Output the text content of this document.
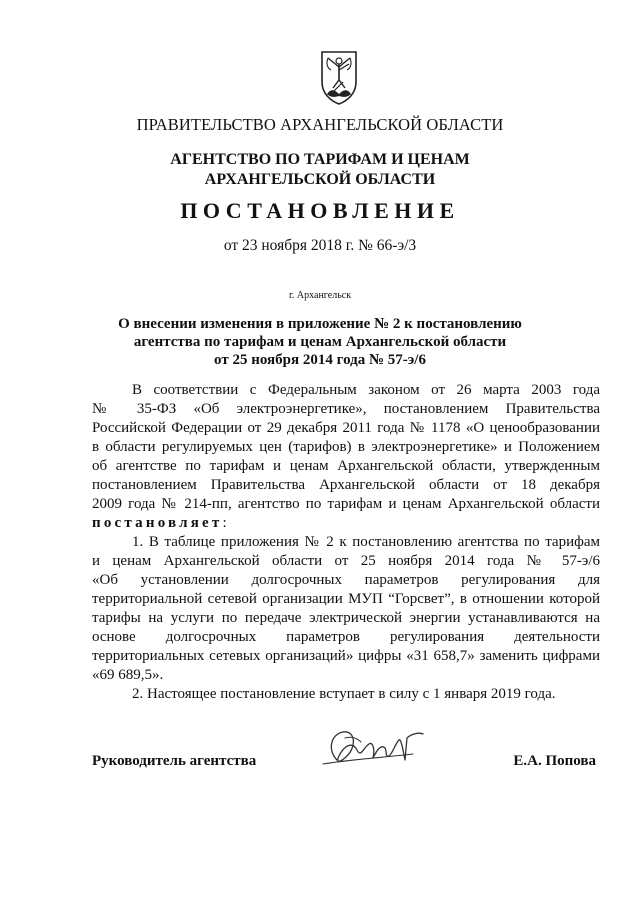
ПРАВИТЕЛЬСТВО АРХАНГЕЛЬСКОЙ ОБЛАСТИ
АГЕНТСТВО ПО ТАРИФАМ И ЦЕНАМ
АРХАНГЕЛЬСКОЙ ОБЛАСТИ
ПОСТАНОВЛЕНИЕ
от 23 ноября 2018 г. № 66-э/3
г. Архангельск
О внесении изменения в приложение № 2 к постановлению
агентства по тарифам и ценам Архангельской области
от 25 ноября 2014 года № 57-э/6
В соответствии с Федеральным законом от 26 марта 2003 года
№ 35-ФЗ «Об электроэнергетике», постановлением Правительства
Российской Федерации от 29 декабря 2011 года № 1178 «О ценообразовании
в области регулируемых цен (тарифов) в электроэнергетике» и Положением
об агентстве по тарифам и ценам Архангельской области, утвержденным
постановлением Правительства Архангельской области от 18 декабря
2009 года № 214-пп, агентство по тарифам и ценам Архангельской области
постановляет:
1. В таблице приложения № 2 к постановлению агентства по тарифам
и ценам Архангельской области от 25 ноября 2014 года № 57-э/6
«Об установлении долгосрочных параметров регулирования для
территориальной сетевой организации МУП “Горсвет”, в отношении которой
тарифы на услуги по передаче электрической энергии устанавливаются на
основе долгосрочных параметров регулирования деятельности
территориальных сетевых организаций» цифры «31 658,7» заменить цифрами
«69 689,5».
2. Настоящее постановление вступает в силу с 1 января 2019 года.
Руководитель агентства	Е.А. Попова
